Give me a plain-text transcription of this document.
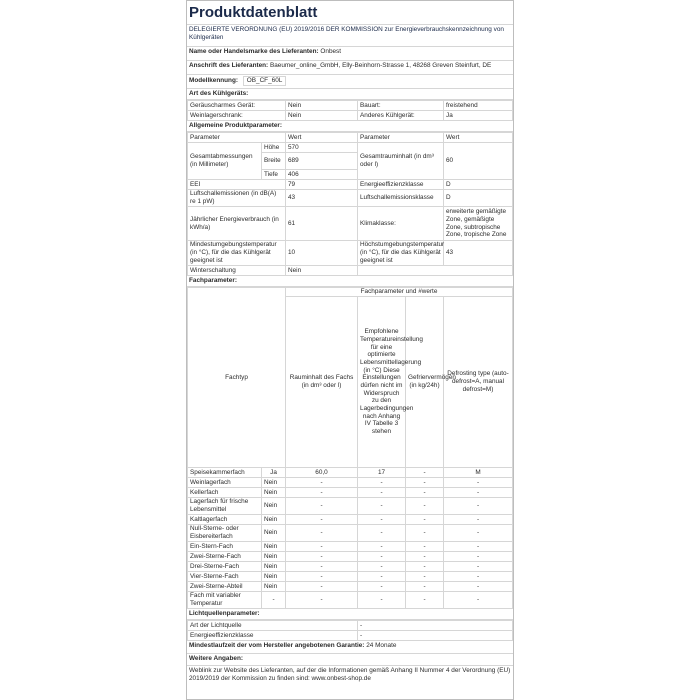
Produktdatenblatt
DELEGIERTE VERORDNUNG (EU) 2019/2016 DER KOMMISSION zur Energieverbrauchskennzeichnung von Kühlgeräten
Name oder Handelsmarke des Lieferanten: Onbest
Anschrift des Lieferanten: Baeumer_online_GmbH, Elly-Beinhorn-Strasse 1, 48268 Greven Steinfurt, DE
Modellkennung: OB_CF_60L
Art des Kühlgeräts:
Geräuscharmes Gerät:	Nein	Bauart:	freistehend
Weinlagerschrank:	Nein	Anderes Kühlgerät:	Ja
Allgemeine Produktparameter:
Parameter		Wert	Parameter	Wert
Gesamtabmessungen (in Millimeter)	Höhe	570	Gesamtrauminhalt (in dm³ oder l)	60
	Breite	689		
	Tiefe	406		
EEI		79	Energieeffizienzklasse	D
Luftschallemissionen (in dB(A) re 1 pW)		43	Luftschallemissionsklasse	D
Jährlicher Energieverbrauch (in kWh/a)		61	Klimaklasse:	erweiterte gemäßigte Zone, gemäßigte Zone, subtropische Zone, tropische Zone
Mindestumgebungstemperatur (in °C), für die das Kühlgerät geeignet ist		10	Höchstumgebungstemperatur (in °C), für die das Kühlgerät geeignet ist	43
Winterschaltung		Nein		
Fachparameter:
Fachtyp		Fachparameter und #werte			
		Rauminhalt des Fachs (in dm³ oder l)	Empfohlene Temperatureinstellung für eine optimierte Lebensmittellagerung (in °C) Diese Einstellungen dürfen nicht im Widerspruch zu den Lagerbedingungen nach Anhang IV Tabelle 3 stehen	Gefriervermögen (in kg/24h)	Defrosting type (auto-defrost=A, manual defrost=M)
Speisekammerfach	Ja	60,0	17	-	M
Weinlagerfach	Nein	-	-	-	-
Kellerfach	Nein	-	-	-	-
Lagerfach für frische Lebensmittel	Nein	-	-	-	-
Kaltlagerfach	Nein	-	-	-	-
Null-Sterne- oder Eisbereiterfach	Nein	-	-	-	-
Ein-Stern-Fach	Nein	-	-	-	-
Zwei-Sterne-Fach	Nein	-	-	-	-
Drei-Sterne-Fach	Nein	-	-	-	-
Vier-Sterne-Fach	Nein	-	-	-	-
Zwei-Sterne-Abteil	Nein	-	-	-	-
Fach mit variabler Temperatur	-	-	-	-	-
Lichtquellenparameter:
Art der Lichtquelle	-
Energieeffizienzklasse	-
Mindestlaufzeit der vom Hersteller angebotenen Garantie: 24 Monate
Weitere Angaben:
Weblink zur Website des Lieferanten, auf der die Informationen gemäß Anhang II Nummer 4 der Verordnung (EU) 2019/2019 der Kommission zu finden sind: www.onbest-shop.de
